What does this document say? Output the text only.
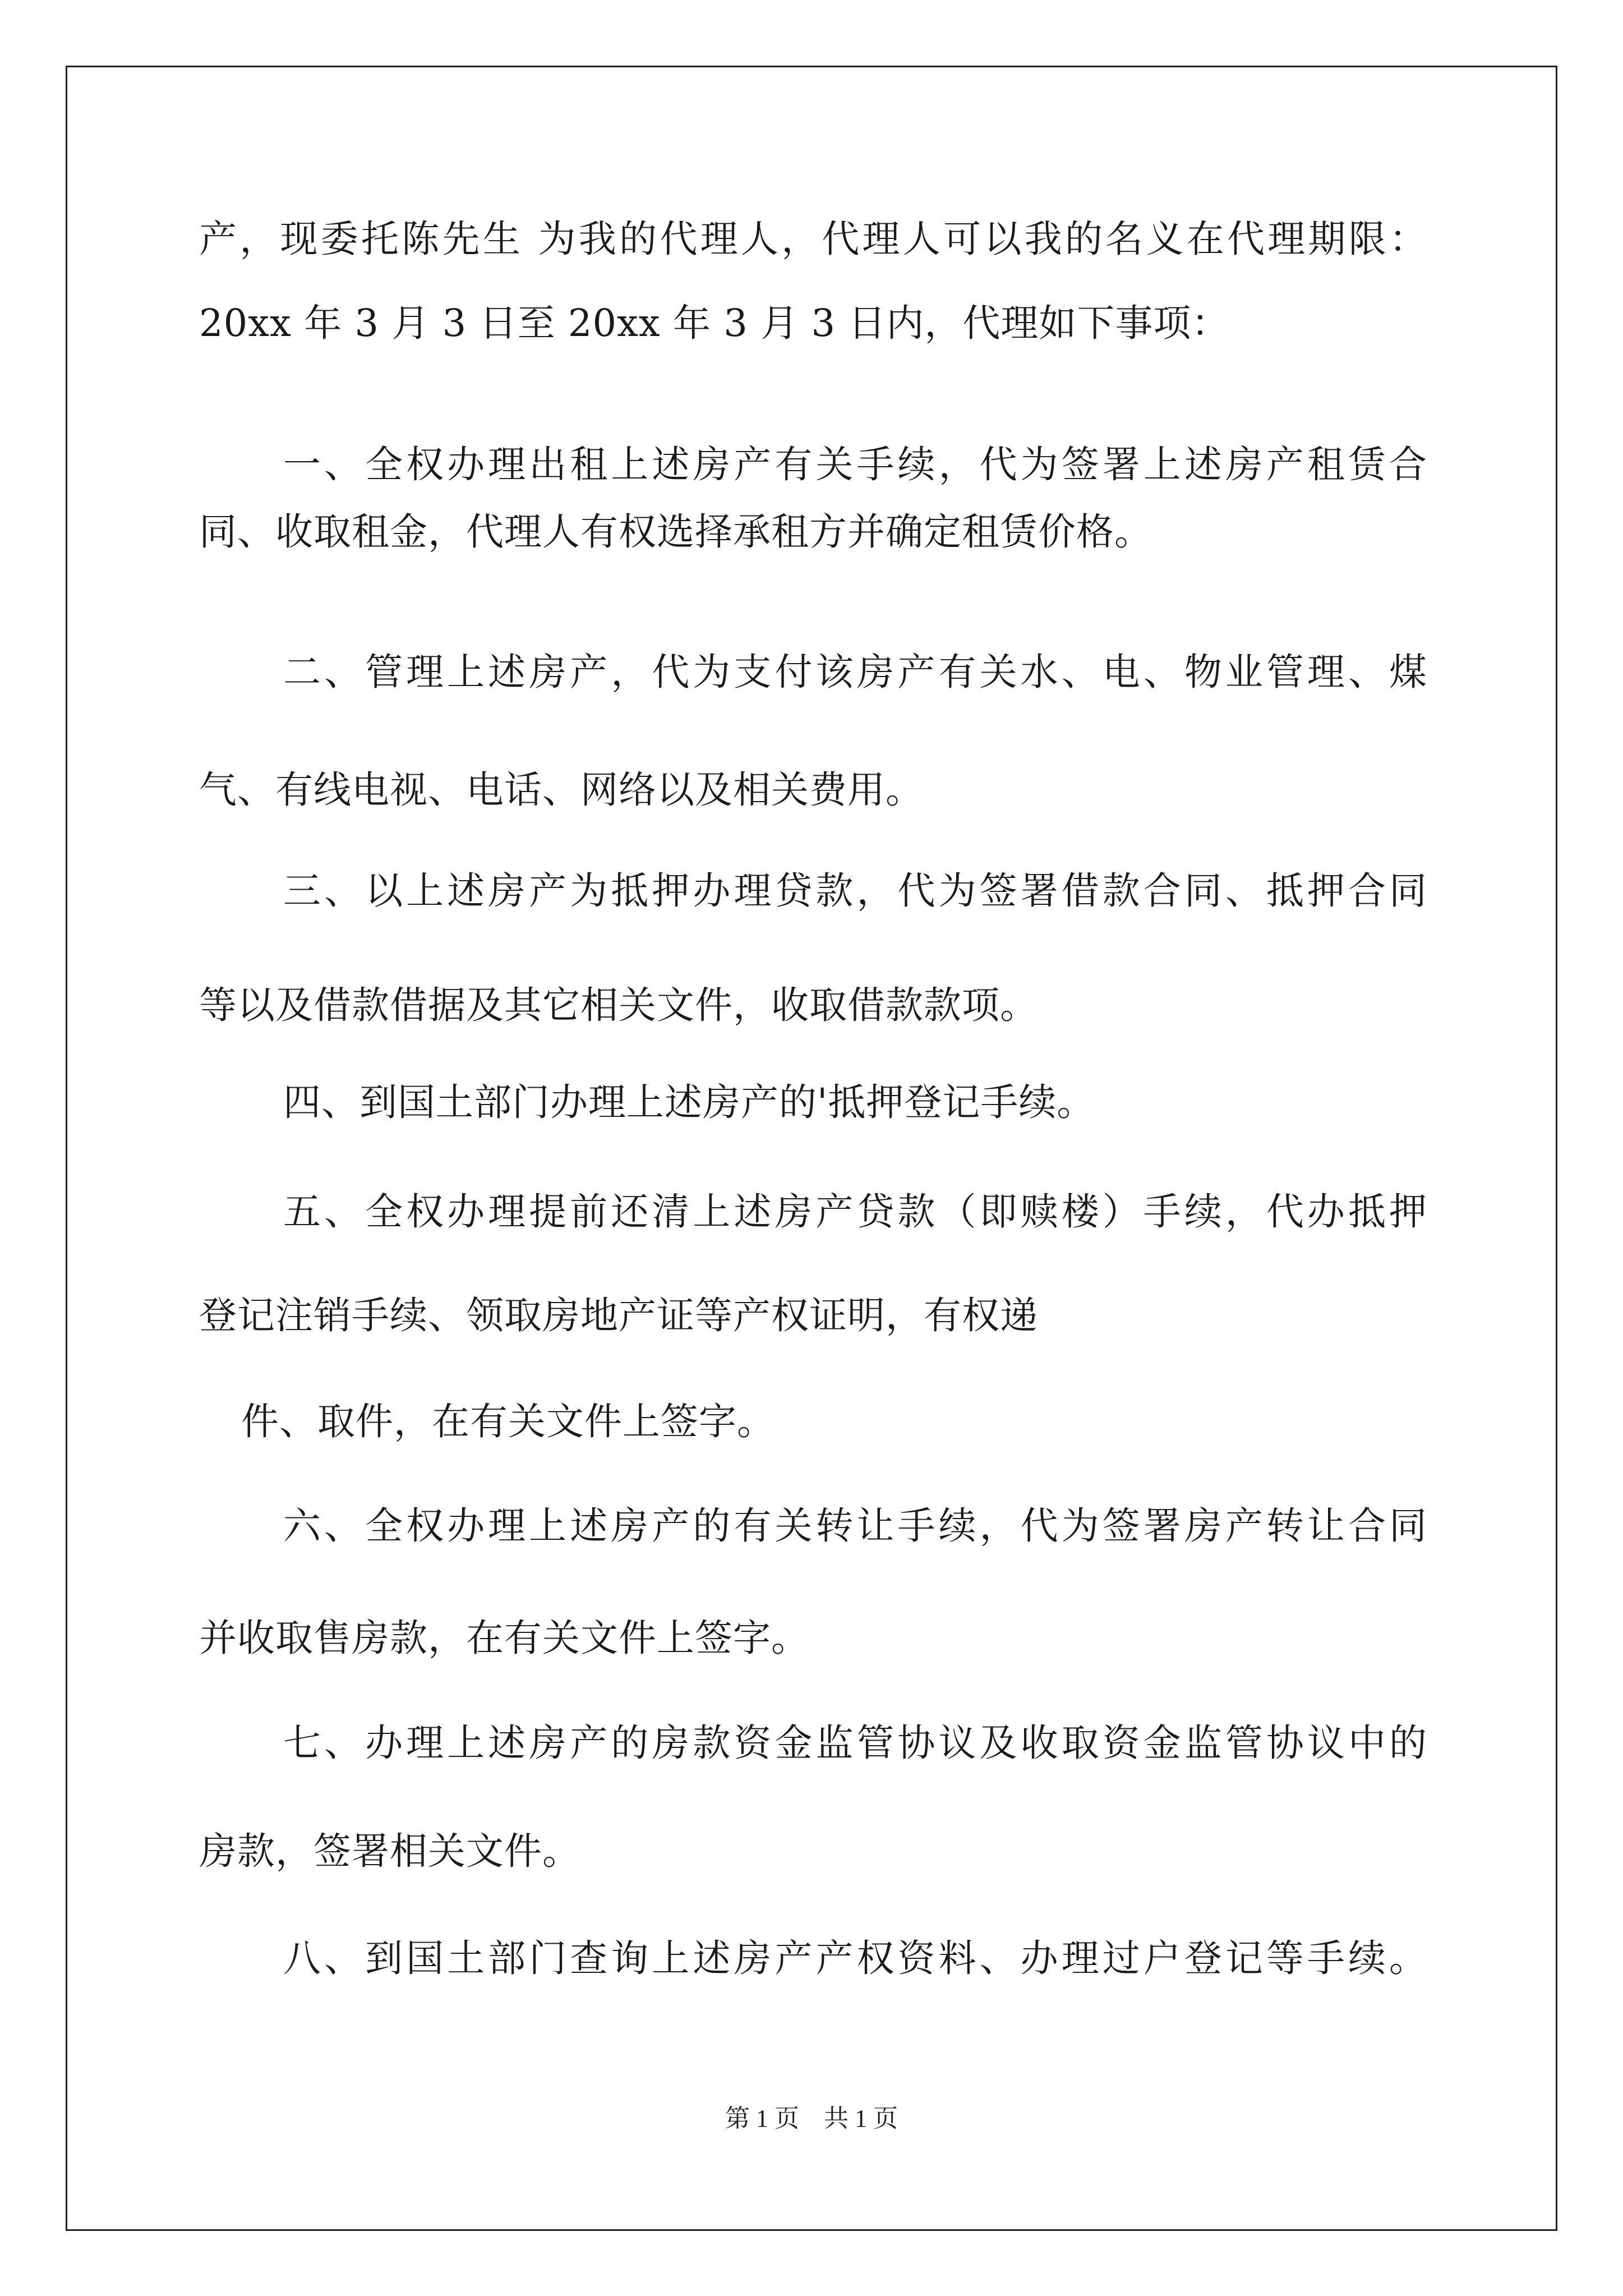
产，现委托陈先生 为我的代理人，代理人可以我的名义在代理期限：
20xx 年 3 月 3 日至 20xx 年 3 月 3 日内，代理如下事项：
一、全权办理出租上述房产有关手续，代为签署上述房产租赁合
同、收取租金，代理人有权选择承租方并确定租赁价格。
二、管理上述房产，代为支付该房产有关水、电、物业管理、煤
气、有线电视、电话、网络以及相关费用。
三、以上述房产为抵押办理贷款，代为签署借款合同、抵押合同
等以及借款借据及其它相关文件，收取借款款项。
四、到国土部门办理上述房产的'抵押登记手续。
五、全权办理提前还清上述房产贷款（即赎楼）手续，代办抵押
登记注销手续、领取房地产证等产权证明，有权递
件、取件，在有关文件上签字。
六、全权办理上述房产的有关转让手续，代为签署房产转让合同
并收取售房款，在有关文件上签字。
七、办理上述房产的房款资金监管协议及收取资金监管协议中的
房款，签署相关文件。
八、到国土部门查询上述房产产权资料、办理过户登记等手续。
第 1 页　共 1 页
